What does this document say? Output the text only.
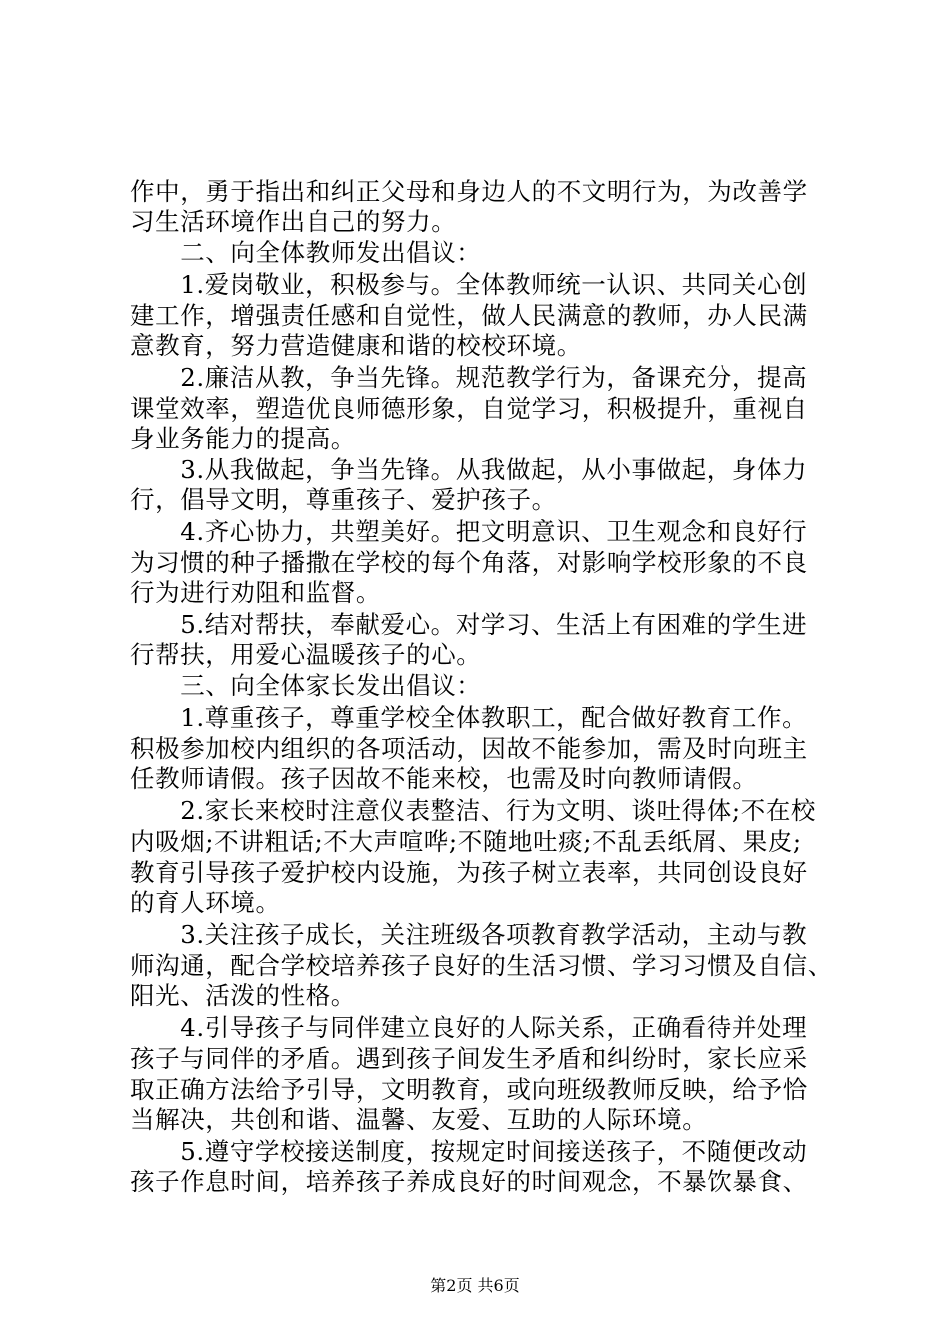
作中，勇于指出和纠正父母和身边人的不文明行为，为改善学
习生活环境作出自己的努力。
　　二、向全体教师发出倡议：
　　1.爱岗敬业，积极参与。全体教师统一认识、共同关心创
建工作，增强责任感和自觉性，做人民满意的教师，办人民满
意教育，努力营造健康和谐的校校环境。
　　2.廉洁从教，争当先锋。规范教学行为，备课充分，提高
课堂效率，塑造优良师德形象，自觉学习，积极提升，重视自
身业务能力的提高。
　　3.从我做起，争当先锋。从我做起，从小事做起，身体力
行，倡导文明，尊重孩子、爱护孩子。
　　4.齐心协力，共塑美好。把文明意识、卫生观念和良好行
为习惯的种子播撒在学校的每个角落，对影响学校形象的不良
行为进行劝阻和监督。
　　5.结对帮扶，奉献爱心。对学习、生活上有困难的学生进
行帮扶，用爱心温暖孩子的心。
　　三、向全体家长发出倡议：
　　1.尊重孩子，尊重学校全体教职工，配合做好教育工作。
积极参加校内组织的各项活动，因故不能参加，需及时向班主
任教师请假。孩子因故不能来校，也需及时向教师请假。
　　2.家长来校时注意仪表整洁、行为文明、谈吐得体;不在校
内吸烟;不讲粗话;不大声喧哗;不随地吐痰;不乱丢纸屑、果皮;
教育引导孩子爱护校内设施，为孩子树立表率，共同创设良好
的育人环境。
　　3.关注孩子成长，关注班级各项教育教学活动，主动与教
师沟通，配合学校培养孩子良好的生活习惯、学习习惯及自信、
阳光、活泼的性格。
　　4.引导孩子与同伴建立良好的人际关系，正确看待并处理
孩子与同伴的矛盾。遇到孩子间发生矛盾和纠纷时，家长应采
取正确方法给予引导，文明教育，或向班级教师反映，给予恰
当解决，共创和谐、温馨、友爱、互助的人际环境。
　　5.遵守学校接送制度，按规定时间接送孩子，不随便改动
孩子作息时间，培养孩子养成良好的时间观念，不暴饮暴食、
第2页 共6页
